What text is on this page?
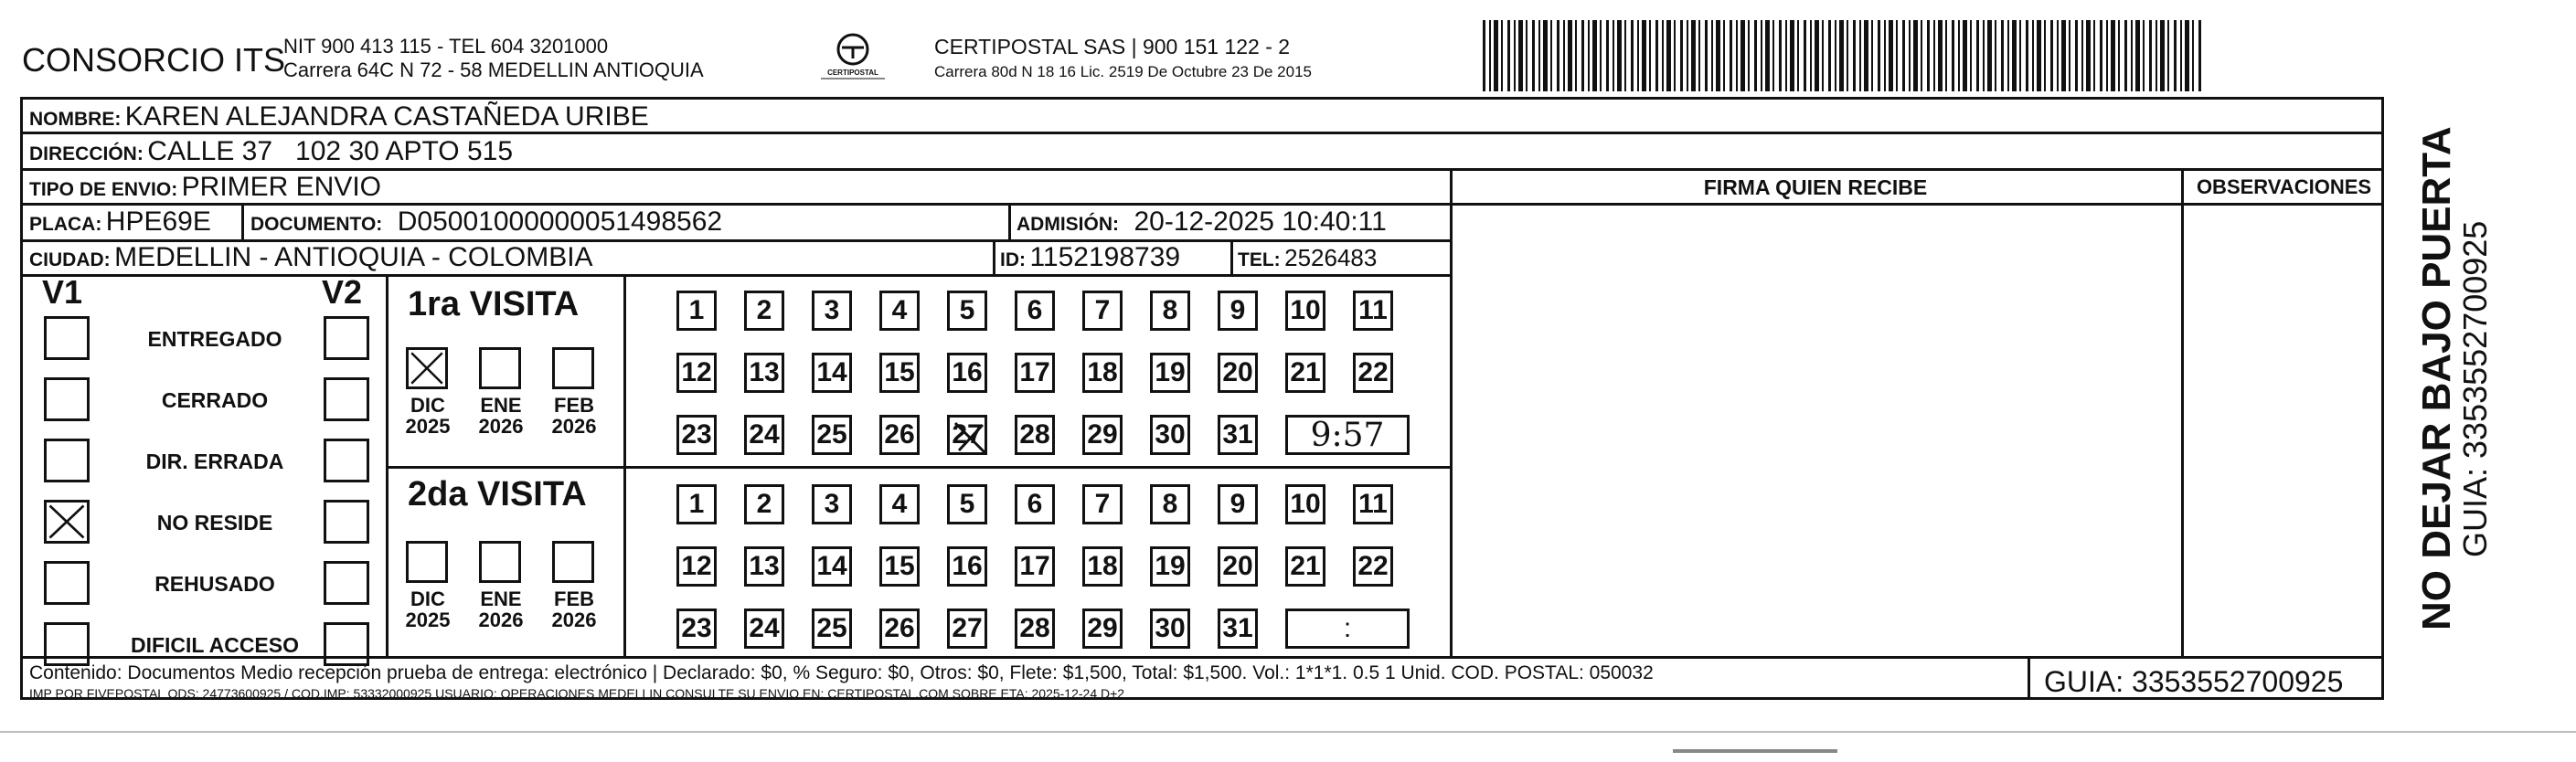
CONSORCIO ITS
NIT 900 413 115 - TEL 604 3201000
Carrera 64C N 72 - 58 MEDELLIN ANTIOQUIA	CERTIPOSTAL
CERTIPOSTAL SAS | 900 151 122 - 2
Carrera 80d N 18 16 Lic. 2519 De Octubre 23 De 2015
NOMBRE: KAREN ALEJANDRA CASTAÑEDA URIBE
DIRECCIÓN: CALLE 37   102 30 APTO 515
TIPO DE ENVIO: PRIMER ENVIO	FIRMA QUIEN RECIBE	OBSERVACIONES
PLACA: HPE69E DOCUMENTO: D05001000000051498562	ADMISIÓN: 20-12-2025 10:40:11
CIUDAD: MEDELLIN - ANTIOQUIA - COLOMBIA	ID: 1152198739	TEL: 2526483
V1	V2
ENTREGADO
CERRADO
DIR. ERRADA
NO RESIDE
REHUSADO
DIFICIL ACCESO
1ra VISITA
DIC
2025
ENE
2026
FEB
2026
1	2	3	4	5	6	7	8	9	10 11
12 13 14 15 16 17 18 19 20 21 22
23 24 25 26 27 28 29 30 31	9:57
2da VISITA
DIC
2025
ENE
2026
FEB
2026
1	2	3	4	5	6	7	8	9	10 11
12 13 14 15 16 17 18 19 20 21 22
23 24 25 26 27 28 29 30 31	:
Contenido: Documentos Medio recepción prueba de entrega: electrónico | Declarado: $0, % Seguro: $0, Otros: $0, Flete: $1,500, Total: $1,500. Vol.: 1*1*1. 0.5 1 Unid. COD. POSTAL: 050032
IMP POR FIVEPOSTAL ODS: 24773600925 / COD.IMP: 53332000925 USUARIO: OPERACIONES MEDELLIN CONSULTE SU ENVIO EN: CERTIPOSTAL.COM SOBRE ETA: 2025-12-24 D+2	GUIA: 3353552700925
NO DEJAR BAJO PUERTA
GUIA: 3353552700925
